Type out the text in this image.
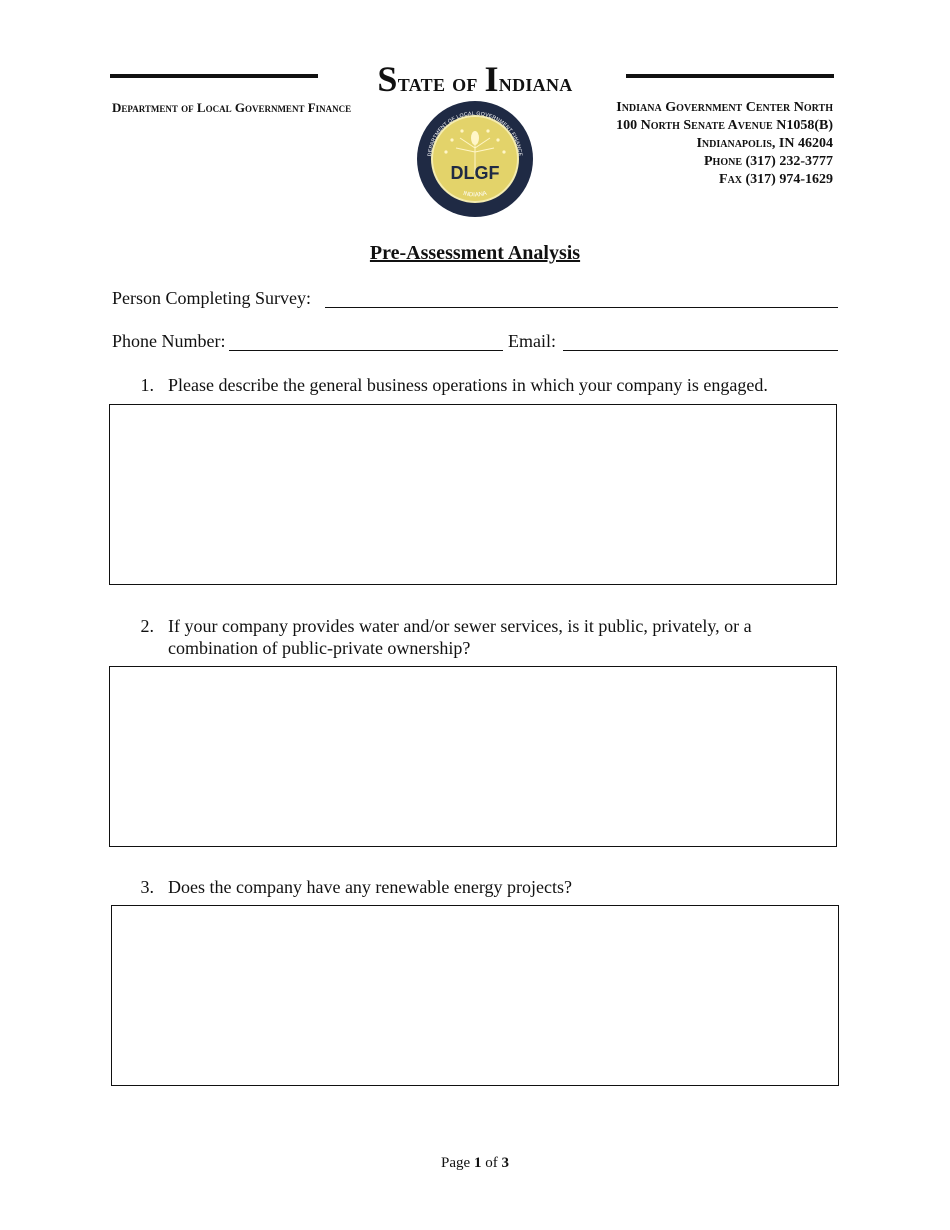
State of Indiana
Department of Local Government Finance	Indiana Government Center North
100 North Senate Avenue N1058(B)
Indianapolis, IN 46204
Phone (317) 232-3777
Fax (317) 974-1629
DLGF
DEPARTMENT OF LOCAL GOVERNMENT FINANCE
INDIANA
Pre-Assessment Analysis
Person Completing Survey:
Phone Number:	Email:
1. Please describe the general business operations in which your company is engaged.
2. If your company provides water and/or sewer services, is it public, privately, or a combination of public-private ownership?
3. Does the company have any renewable energy projects?
Page 1 of 3
